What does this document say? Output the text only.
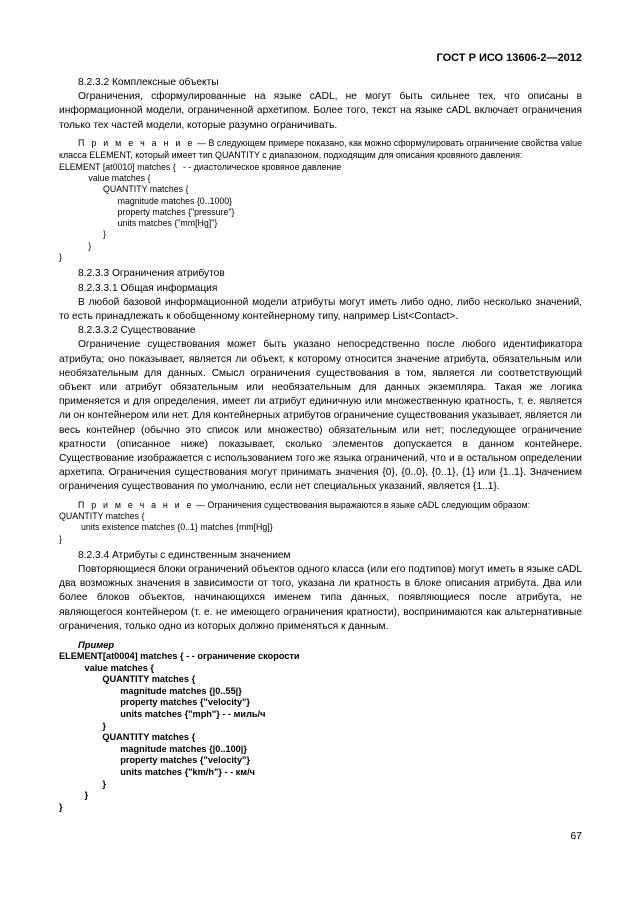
ГОСТ Р ИСО 13606-2—2012

8.2.3.2 Комплексные объекты

Ограничения, сформулированные на языке cADL, не могут быть сильнее тех, что описаны в информационной модели, ограниченной архетипом. Более того, текст на языке cADL включает ограничения только тех частей модели, которые разумно ограничивать.

П р и м е ч а н и е — В следующем примере показано, как можно сформулировать ограничение свойства value класса ELEMENT, который имеет тип QUANTITY с диапазоном, подходящим для описания кровяного давления:

ELEMENT [at0010] matches {   - - диастолическое кровяное давление
value matches {
QUANTITY matches {
magnitude matches {0..1000}
property matches {"pressure"}
units matches {"mm[Hg]"}
}
}
}

8.2.3.3 Ограничения атрибутов

8.2.3.3.1 Общая информация

В любой базовой информационной модели атрибуты могут иметь либо одно, либо несколько значений, то есть принадлежать к обобщенному контейнерному типу, например List<Contact>.

8.2.3.3.2 Существование

Ограничение существования может быть указано непосредственно после любого идентификатора атрибута; оно показывает, является ли объект, к которому относится значение атрибута, обязательным или необязательным для данных. Смысл ограничения существования в том, является ли соответствующий объект или атрибут обязательным или необязательным для данных экземпляра. Такая же логика применяется и для определения, имеет ли атрибут единичную или множественную кратность, т. е. является ли он контейнером или нет. Для контейнерных атрибутов ограничение существования указывает, является ли весь контейнер (обычно это список или множество) обязательным или нет; последующее ограничение кратности (описанное ниже) показывает, сколько элементов допускается в данном контейнере. Существование изображается с использованием того же языка ограничений, что и в остальном определении архетипа. Ограничения существования могут принимать значения {0}, {0..0}, {0..1}, {1} или {1..1}. Значением ограничения существования по умолчанию, если нет специальных указаний, является {1..1}.

П р и м е ч а н и е — Ограничения существования выражаются в языке cADL следующим образом:

QUANTITY matches {
units existence matches {0..1} matches {mm[Hg]}
}

8.2.3.4 Атрибуты с единственным значением

Повторяющиеся блоки ограничений объектов одного класса (или его подтипов) могут иметь в языке cADL два возможных значения в зависимости от того, указана ли кратность в блоке описания атрибута. Два или более блоков объектов, начинающихся именем типа данных, появляющиеся после атрибута, не являющегося контейнером (т. е. не имеющего ограничения кратности), воспринимаются как альтернативные ограничения, только одно из которых должно применяться к данным.

Пример
ELEMENT[at0004] matches { - - ограничение скорости
value matches {
QUANTITY matches {
magnitude matches {|0..55|}
property matches {"velocity"}
units matches {"mph"} - - миль/ч
}
QUANTITY matches {
magnitude matches {|0..100|}
property matches {"velocity"}
units matches {"km/h"} - - км/ч
}
}
}
67
